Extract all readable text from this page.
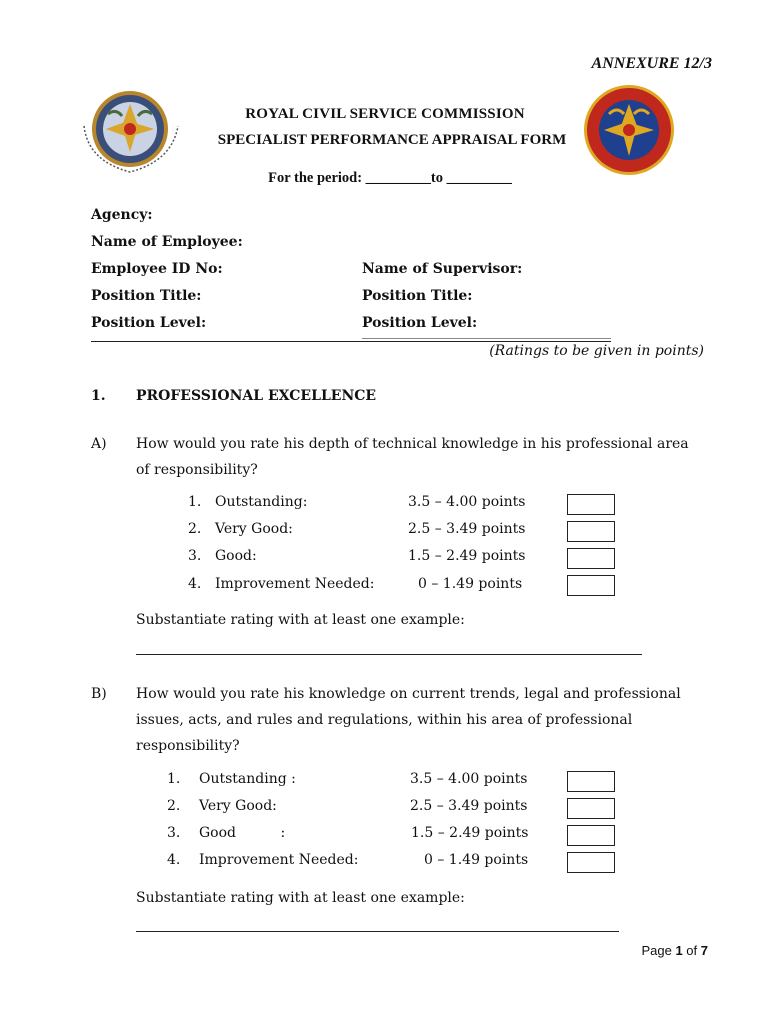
ANNEXURE 12/3
ROYAL CIVIL SERVICE COMMISSION
SPECIALIST PERFORMANCE APPRAISAL FORM
For the period: _________to _________
Agency:
Name of Employee:
Employee ID No:	Name of Supervisor:
Position Title:	Position Title:
Position Level:	Position Level:
(Ratings to be given in points)
1. PROFESSIONAL EXCELLENCE
A) How would you rate his depth of technical knowledge in his professional area
of responsibility?
1. Outstanding:	3.5 – 4.00 points
2. Very Good:	2.5 – 3.49 points
3. Good:	1.5 – 2.49 points
4. Improvement Needed:	0 – 1.49 points
Substantiate rating with at least one example:
B) How would you rate his knowledge on current trends, legal and professional
issues, acts, and rules and regulations, within his area of professional
responsibility?
1. Outstanding :	3.5 – 4.00 points
2. Very Good:	2.5 – 3.49 points
3. Good          :	1.5 – 2.49 points
4. Improvement Needed:	0 – 1.49 points
Substantiate rating with at least one example:
Page 1 of 7
